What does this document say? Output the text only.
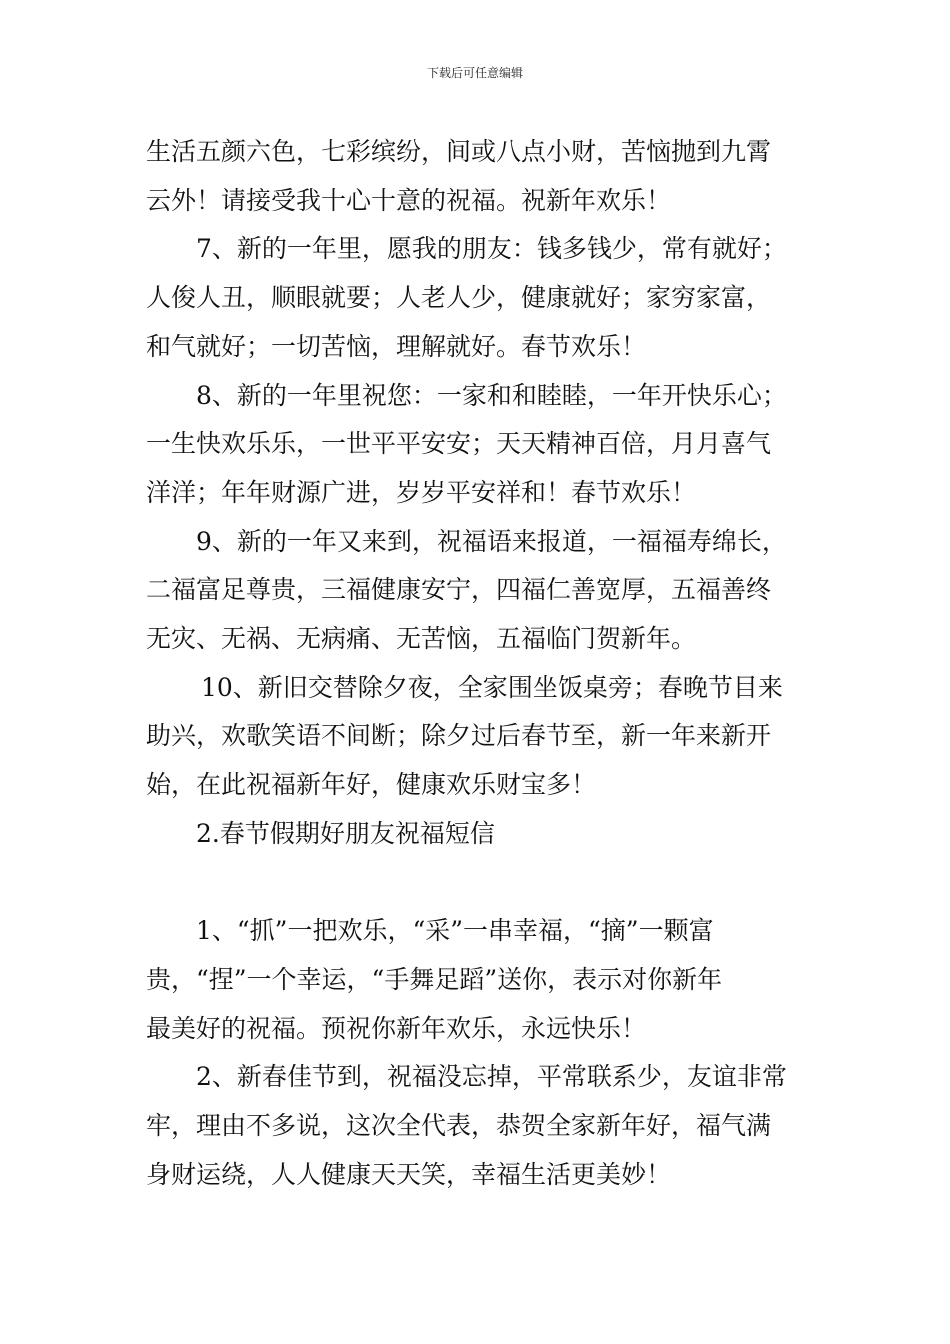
下载后可任意编辑
生活五颜六色，七彩缤纷，间或八点小财，苦恼抛到九霄
云外！请接受我十心十意的祝福。祝新年欢乐！
7、新的一年里，愿我的朋友：钱多钱少，常有就好；
人俊人丑，顺眼就要；人老人少，健康就好；家穷家富，
和气就好；一切苦恼，理解就好。春节欢乐！
8、新的一年里祝您：一家和和睦睦，一年开快乐心；
一生快欢乐乐，一世平平安安；天天精神百倍，月月喜气
洋洋；年年财源广进，岁岁平安祥和！春节欢乐！
9、新的一年又来到，祝福语来报道，一福福寿绵长，
二福富足尊贵，三福健康安宁，四福仁善宽厚，五福善终
无灾、无祸、无病痛、无苦恼，五福临门贺新年。
10、新旧交替除夕夜，全家围坐饭桌旁；春晚节目来
助兴，欢歌笑语不间断；除夕过后春节至，新一年来新开
始，在此祝福新年好，健康欢乐财宝多！
2.春节假期好朋友祝福短信
1、“抓”一把欢乐，“采”一串幸福，“摘”一颗富
贵，“捏”一个幸运，“手舞足蹈”送你，表示对你新年
最美好的祝福。预祝你新年欢乐，永远快乐！
2、新春佳节到，祝福没忘掉，平常联系少，友谊非常
牢，理由不多说，这次全代表，恭贺全家新年好，福气满
身财运绕，人人健康天天笑，幸福生活更美妙！
